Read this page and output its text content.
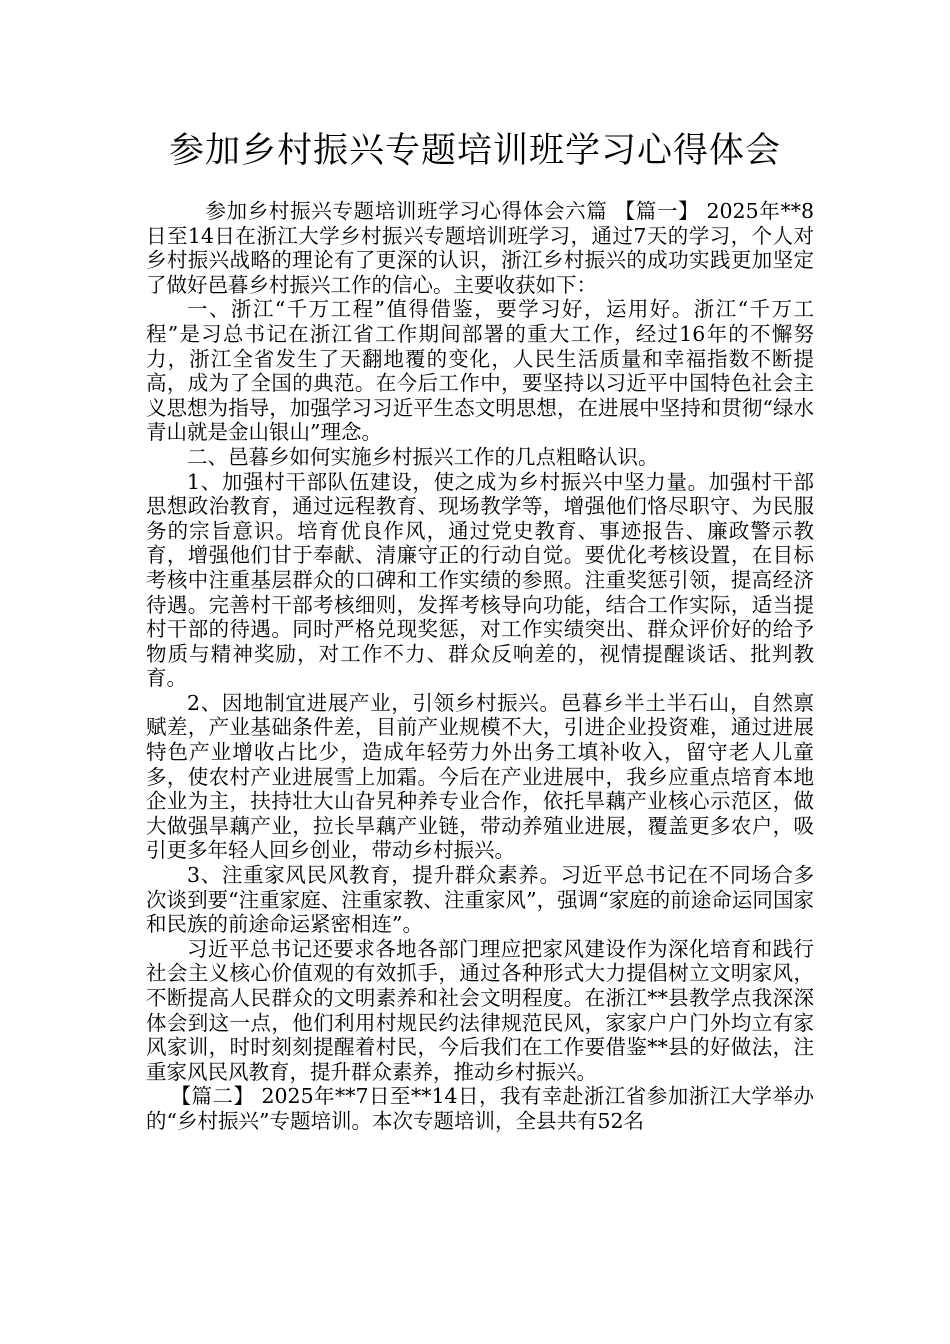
参加乡村振兴专题培训班学习心得体会

参加乡村振兴专题培训班学习心得体会六篇 【篇一】 2025年**8日至14日在浙江大学乡村振兴专题培训班学习，通过7天的学习，个人对乡村振兴战略的理论有了更深的认识，浙江乡村振兴的成功实践更加坚定了做好邑暮乡村振兴工作的信心。主要收获如下：

一、浙江“千万工程”值得借鉴，要学习好，运用好。浙江“千万工程”是习总书记在浙江省工作期间部署的重大工作，经过16年的不懈努力，浙江全省发生了天翻地覆的变化，人民生活质量和幸福指数不断提高，成为了全国的典范。在今后工作中，要坚持以习近平中国特色社会主义思想为指导，加强学习习近平生态文明思想，在进展中坚持和贯彻“绿水青山就是金山银山”理念。

二、邑暮乡如何实施乡村振兴工作的几点粗略认识。

1、加强村干部队伍建设，使之成为乡村振兴中坚力量。加强村干部思想政治教育，通过远程教育、现场教学等，增强他们恪尽职守、为民服务的宗旨意识。培育优良作风，通过党史教育、事迹报告、廉政警示教育，增强他们甘于奉献、清廉守正的行动自觉。要优化考核设置，在目标考核中注重基层群众的口碑和工作实绩的参照。注重奖惩引领，提高经济待遇。完善村干部考核细则，发挥考核导向功能，结合工作实际，适当提村干部的待遇。同时严格兑现奖惩，对工作实绩突出、群众评价好的给予物质与精神奖励，对工作不力、群众反响差的，视情提醒谈话、批判教育。

2、因地制宜进展产业，引领乡村振兴。邑暮乡半土半石山，自然禀赋差，产业基础条件差，目前产业规模不大，引进企业投资难，通过进展特色产业增收占比少，造成年轻劳力外出务工填补收入，留守老人儿童多，使农村产业进展雪上加霜。今后在产业进展中，我乡应重点培育本地企业为主，扶持壮大山旮旯种养专业合作，依托旱藕产业核心示范区，做大做强旱藕产业，拉长旱藕产业链，带动养殖业进展，覆盖更多农户，吸引更多年轻人回乡创业，带动乡村振兴。

3、注重家风民风教育，提升群众素养。习近平总书记在不同场合多次谈到要“注重家庭、注重家教、注重家风”，强调“家庭的前途命运同国家和民族的前途命运紧密相连”。

习近平总书记还要求各地各部门理应把家风建设作为深化培育和践行社会主义核心价值观的有效抓手，通过各种形式大力提倡树立文明家风，不断提高人民群众的文明素养和社会文明程度。在浙江**县教学点我深深体会到这一点，他们利用村规民约法律规范民风，家家户户门外均立有家风家训，时时刻刻提醒着村民，今后我们在工作要借鉴**县的好做法，注重家风民风教育，提升群众素养，推动乡村振兴。

【篇二】 2025年**7日至**14日，我有幸赴浙江省参加浙江大学举办的“乡村振兴”专题培训。本次专题培训，全县共有52名
